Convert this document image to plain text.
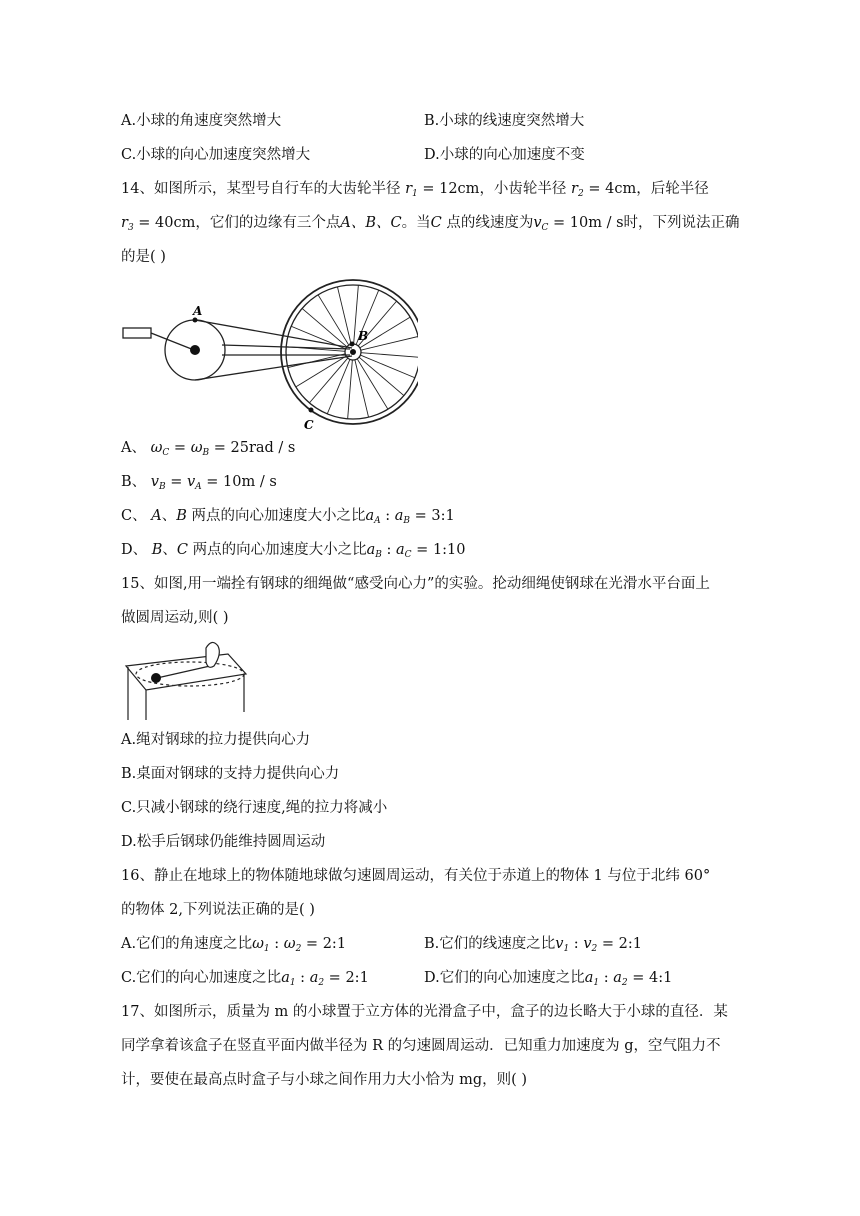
A.小球的角速度突然增大	B.小球的线速度突然增大
C.小球的向心加速度突然增大	D.小球的向心加速度不变
14、如图所示，某型号自行车的大齿轮半径 $r_1 = 12cm$，小齿轮半径 $r_2 = 4cm$，后轮半径
$r_3 = 40cm$，它们的边缘有三个点A、B、C。当C 点的线速度为$v_C = 10m / s$时，下列说法正确
的是( )
A
B
C
A、 $\omega_C = \omega_B = 25rad / s$
B、 $v_B = v_A = 10m / s$
C、 A、B 两点的向心加速度大小之比$a_A$ : $a_B$ = 3:1
D、 B、C 两点的向心加速度大小之比$a_B$ : $a_C$ = 1:10
15、如图,用一端拴有钢球的细绳做“感受向心力”的实验。抡动细绳使钢球在光滑水平台面上
做圆周运动,则( )
A.绳对钢球的拉力提供向心力
B.桌面对钢球的支持力提供向心力
C.只减小钢球的绕行速度,绳的拉力将减小
D.松手后钢球仍能维持圆周运动
16、静止在地球上的物体随地球做匀速圆周运动，有关位于赤道上的物体 1 与位于北纬 60°
的物体 2,下列说法正确的是( )
A.它们的角速度之比$\omega_1$ : $\omega_2$ = 2:1	B.它们的线速度之比$v_1$ : $v_2$ = 2:1
C.它们的向心加速度之比$a_1$ : $a_2$ = 2:1	D.它们的向心加速度之比$a_1$ : $a_2$ = 4:1
17、如图所示，质量为 m 的小球置于立方体的光滑盒子中，盒子的边长略大于小球的直径．某
同学拿着该盒子在竖直平面内做半径为 R 的匀速圆周运动．已知重力加速度为 g，空气阻力不
计，要使在最高点时盒子与小球之间作用力大小恰为 mg，则( )
